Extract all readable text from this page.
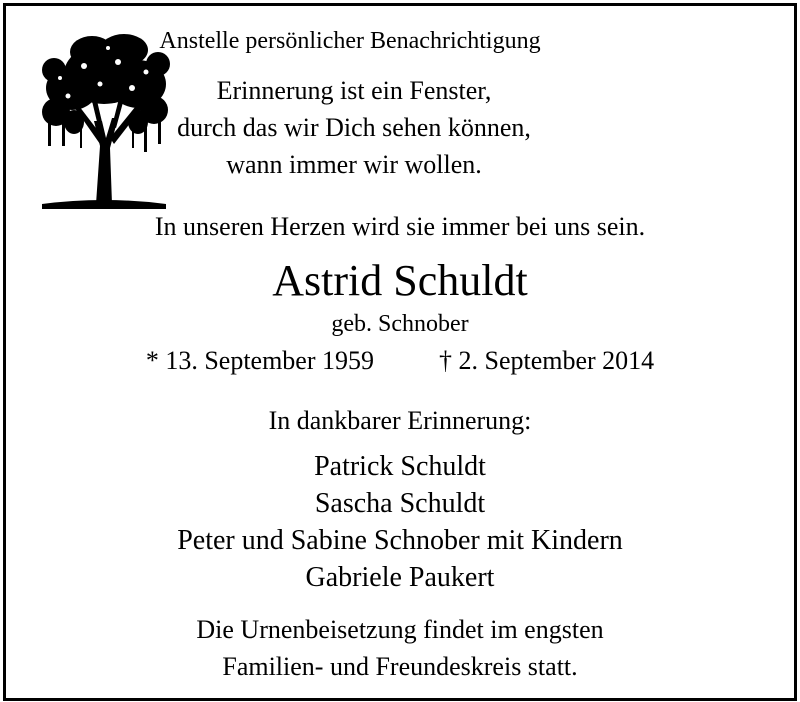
Anstelle persönlicher Benachrichtigung
Erinnerung ist ein Fenster,
durch das wir Dich sehen können,
wann immer wir wollen.
In unseren Herzen wird sie immer bei uns sein.
Astrid Schuldt
geb. Schnober
* 13. September 1959	† 2. September 2014
In dankbarer Erinnerung:
Patrick Schuldt
Sascha Schuldt
Peter und Sabine Schnober mit Kindern
Gabriele Paukert
Die Urnenbeisetzung findet im engsten
Familien- und Freundeskreis statt.
